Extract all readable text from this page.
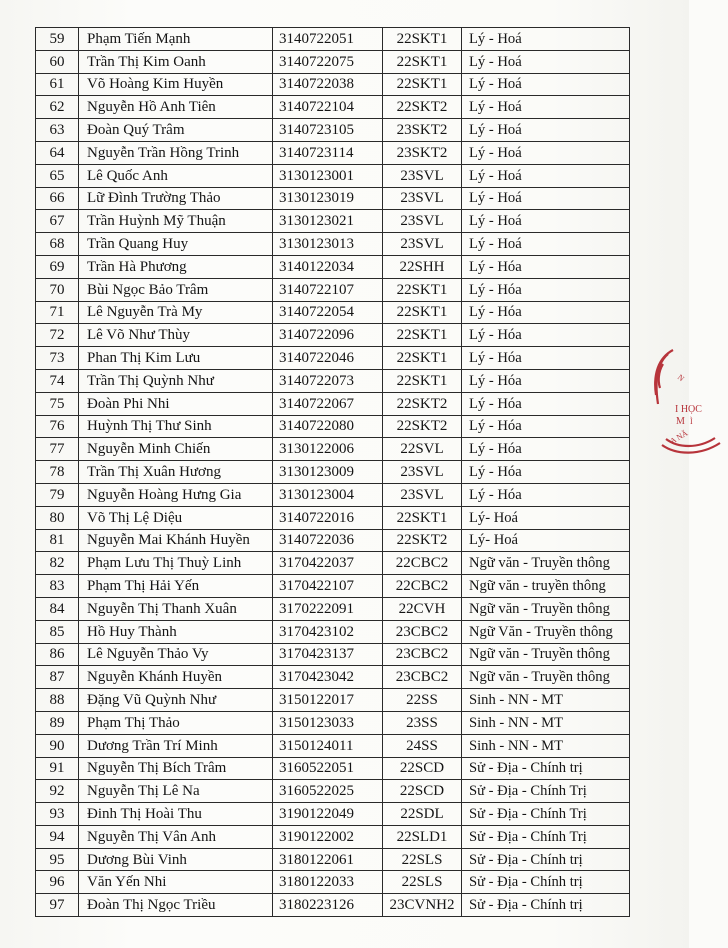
59	Phạm Tiến Mạnh	3140722051	22SKT1	Lý - Hoá
60	Trần Thị Kim Oanh	3140722075	22SKT1	Lý - Hoá
61	Võ Hoàng Kim Huyền	3140722038	22SKT1	Lý - Hoá
62	Nguyễn Hồ Anh Tiên	3140722104	22SKT2	Lý - Hoá
63	Đoàn Quý Trâm	3140723105	23SKT2	Lý - Hoá
64	Nguyễn Trần Hồng Trinh	3140723114	23SKT2	Lý - Hoá
65	Lê Quốc Anh	3130123001	23SVL	Lý - Hoá
66	Lữ Đình Trường Thảo	3130123019	23SVL	Lý - Hoá
67	Trần Huỳnh Mỹ Thuận	3130123021	23SVL	Lý - Hoá
68	Trần Quang Huy	3130123013	23SVL	Lý - Hoá
69	Trần Hà Phương	3140122034	22SHH	Lý - Hóa
70	Bùi Ngọc Bảo Trâm	3140722107	22SKT1	Lý - Hóa
71	Lê Nguyễn Trà My	3140722054	22SKT1	Lý - Hóa
72	Lê Võ Như Thùy	3140722096	22SKT1	Lý - Hóa
73	Phan Thị Kim Lưu	3140722046	22SKT1	Lý - Hóa
74	Trần Thị Quỳnh Như	3140722073	22SKT1	Lý - Hóa
75	Đoàn Phi Nhi	3140722067	22SKT2	Lý - Hóa
76	Huỳnh Thị Thư Sinh	3140722080	22SKT2	Lý - Hóa
77	Nguyễn Minh Chiến	3130122006	22SVL	Lý - Hóa
78	Trần Thị Xuân Hương	3130123009	23SVL	Lý - Hóa
79	Nguyễn Hoàng Hưng Gia	3130123004	23SVL	Lý - Hóa
80	Võ Thị Lệ Diệu	3140722016	22SKT1	Lý- Hoá
81	Nguyễn Mai Khánh Huyền	3140722036	22SKT2	Lý- Hoá
82	Phạm Lưu Thị Thuỳ Linh	3170422037	22CBC2	Ngữ văn - Truyền thông
83	Phạm Thị Hải Yến	3170422107	22CBC2	Ngữ văn - truyền thông
84	Nguyễn Thị Thanh Xuân	3170222091	22CVH	Ngữ văn - Truyền thông
85	Hồ Huy Thành	3170423102	23CBC2	Ngữ Văn - Truyền thông
86	Lê Nguyễn Thảo Vy	3170423137	23CBC2	Ngữ văn - Truyền thông
87	Nguyễn Khánh Huyền	3170423042	23CBC2	Ngữ văn - Truyền thông
88	Đặng Vũ Quỳnh Như	3150122017	22SS	Sinh - NN - MT
89	Phạm Thị Thảo	3150123033	23SS	Sinh - NN - MT
90	Dương Trần Trí Minh	3150124011	24SS	Sinh - NN - MT
91	Nguyễn Thị Bích Trâm	3160522051	22SCD	Sử - Địa - Chính trị
92	Nguyễn Thị Lê Na	3160522025	22SCD	Sử - Địa - Chính Trị
93	Đinh Thị Hoài Thu	3190122049	22SDL	Sử - Địa - Chính Trị
94	Nguyễn Thị Vân Anh	3190122002	22SLD1	Sử - Địa - Chính Trị
95	Dương Bùi Vinh	3180122061	22SLS	Sử - Địa - Chính trị
96	Văn Yến Nhi	3180122033	22SLS	Sử - Địa - Chính trị
97	Đoàn Thị Ngọc Triều	3180223126	23CVNH2	Sử - Địa - Chính trị
I HỌC
M Ì
N
A NĂ
